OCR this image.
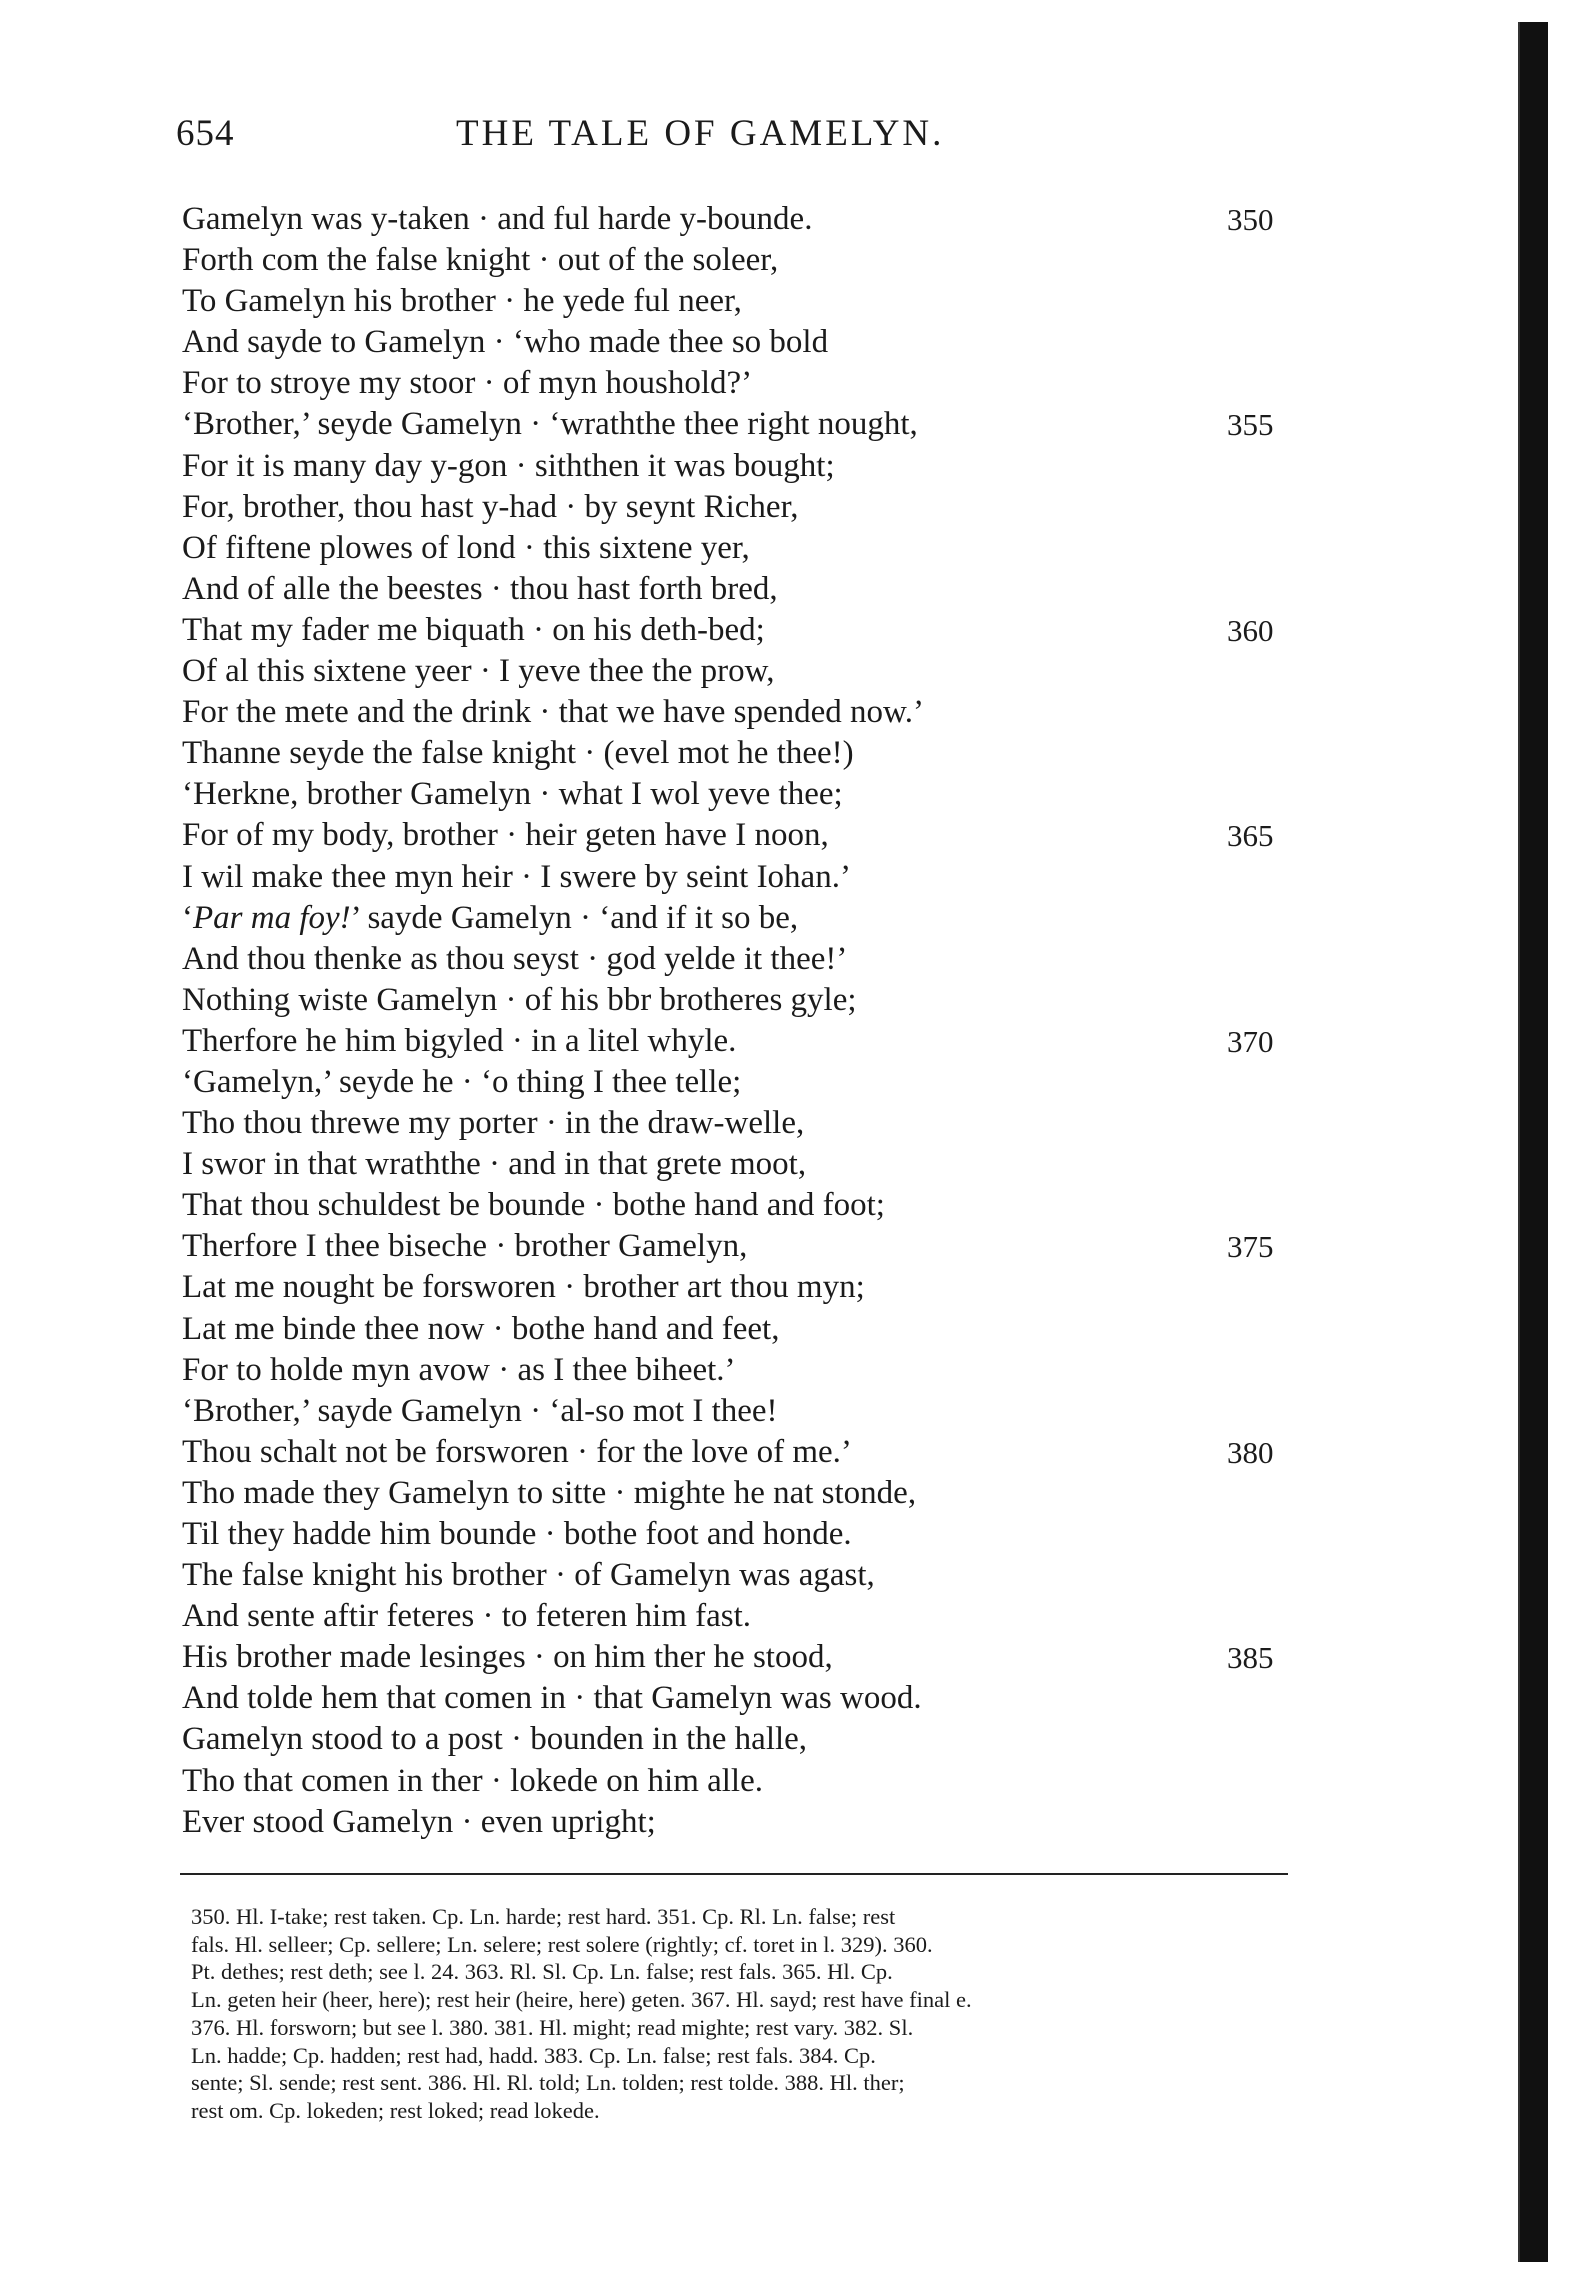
654	THE TALE OF GAMELYN.
Gamelyn was y-taken · and ful harde y-bounde.	350
Forth com the false knight · out of the soleer,
To Gamelyn his brother · he yede ful neer,
And sayde to Gamelyn · ‘who made thee so bold
For to stroye my stoor · of myn houshold?’
‘Brother,’ seyde Gamelyn · ‘wraththe thee right nought,	355
For it is many day y-gon · siththen it was bought;
For, brother, thou hast y-had · by seynt Richer,
Of fiftene plowes of lond · this sixtene yer,
And of alle the beestes · thou hast forth bred,
That my fader me biquath · on his deth-bed;	360
Of al this sixtene yeer · I yeve thee the prow,
For the mete and the drink · that we have spended now.’
Thanne seyde the false knight · (evel mot he thee!)
‘Herkne, brother Gamelyn · what I wol yeve thee;
For of my body, brother · heir geten have I noon,	365
I wil make thee myn heir · I swere by seint Iohan.’
‘Par ma foy!’ sayde Gamelyn · ‘and if it so be,
And thou thenke as thou seyst · god yelde it thee!’
Nothing wiste Gamelyn · of his bbr brotheres gyle;
Therfore he him bigyled · in a litel whyle.	370
‘Gamelyn,’ seyde he · ‘o thing I thee telle;
Tho thou threwe my porter · in the draw-welle,
I swor in that wraththe · and in that grete moot,
That thou schuldest be bounde · bothe hand and foot;
Therfore I thee biseche · brother Gamelyn,	375
Lat me nought be forsworen · brother art thou myn;
Lat me binde thee now · bothe hand and feet,
For to holde myn avow · as I thee biheet.’
‘Brother,’ sayde Gamelyn · ‘al-so mot I thee!
Thou schalt not be forsworen · for the love of me.’	380
Tho made they Gamelyn to sitte · mighte he nat stonde,
Til they hadde him bounde · bothe foot and honde.
The false knight his brother · of Gamelyn was agast,
And sente aftir feteres · to feteren him fast.
His brother made lesinges · on him ther he stood,	385
And tolde hem that comen in · that Gamelyn was wood.
Gamelyn stood to a post · bounden in the halle,
Tho that comen in ther · lokede on him alle.
Ever stood Gamelyn · even upright;
350. Hl. I-take; rest taken. Cp. Ln. harde; rest hard. 351. Cp. Rl. Ln. false; rest
fals. Hl. selleer; Cp. sellere; Ln. selere; rest solere (rightly; cf. toret in l. 329). 360.
Pt. dethes; rest deth; see l. 24. 363. Rl. Sl. Cp. Ln. false; rest fals. 365. Hl. Cp.
Ln. geten heir (heer, here); rest heir (heire, here) geten. 367. Hl. sayd; rest have final e.
376. Hl. forsworn; but see l. 380. 381. Hl. might; read mighte; rest vary. 382. Sl.
Ln. hadde; Cp. hadden; rest had, hadd. 383. Cp. Ln. false; rest fals. 384. Cp.
sente; Sl. sende; rest sent. 386. Hl. Rl. told; Ln. tolden; rest tolde. 388. Hl. ther;
rest om. Cp. lokeden; rest loked; read lokede.
